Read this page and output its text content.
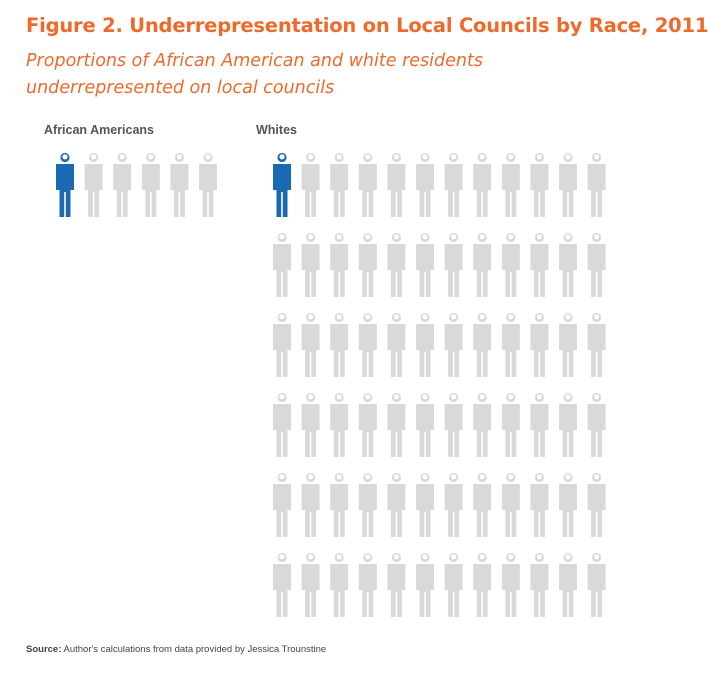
Figure 2. Underrepresentation on Local Councils by Race, 2011
Proportions of African American and white residents underrepresented on local councils
African Americans	Whites
Source: Author's calculations from data provided by Jessica Trounstine
